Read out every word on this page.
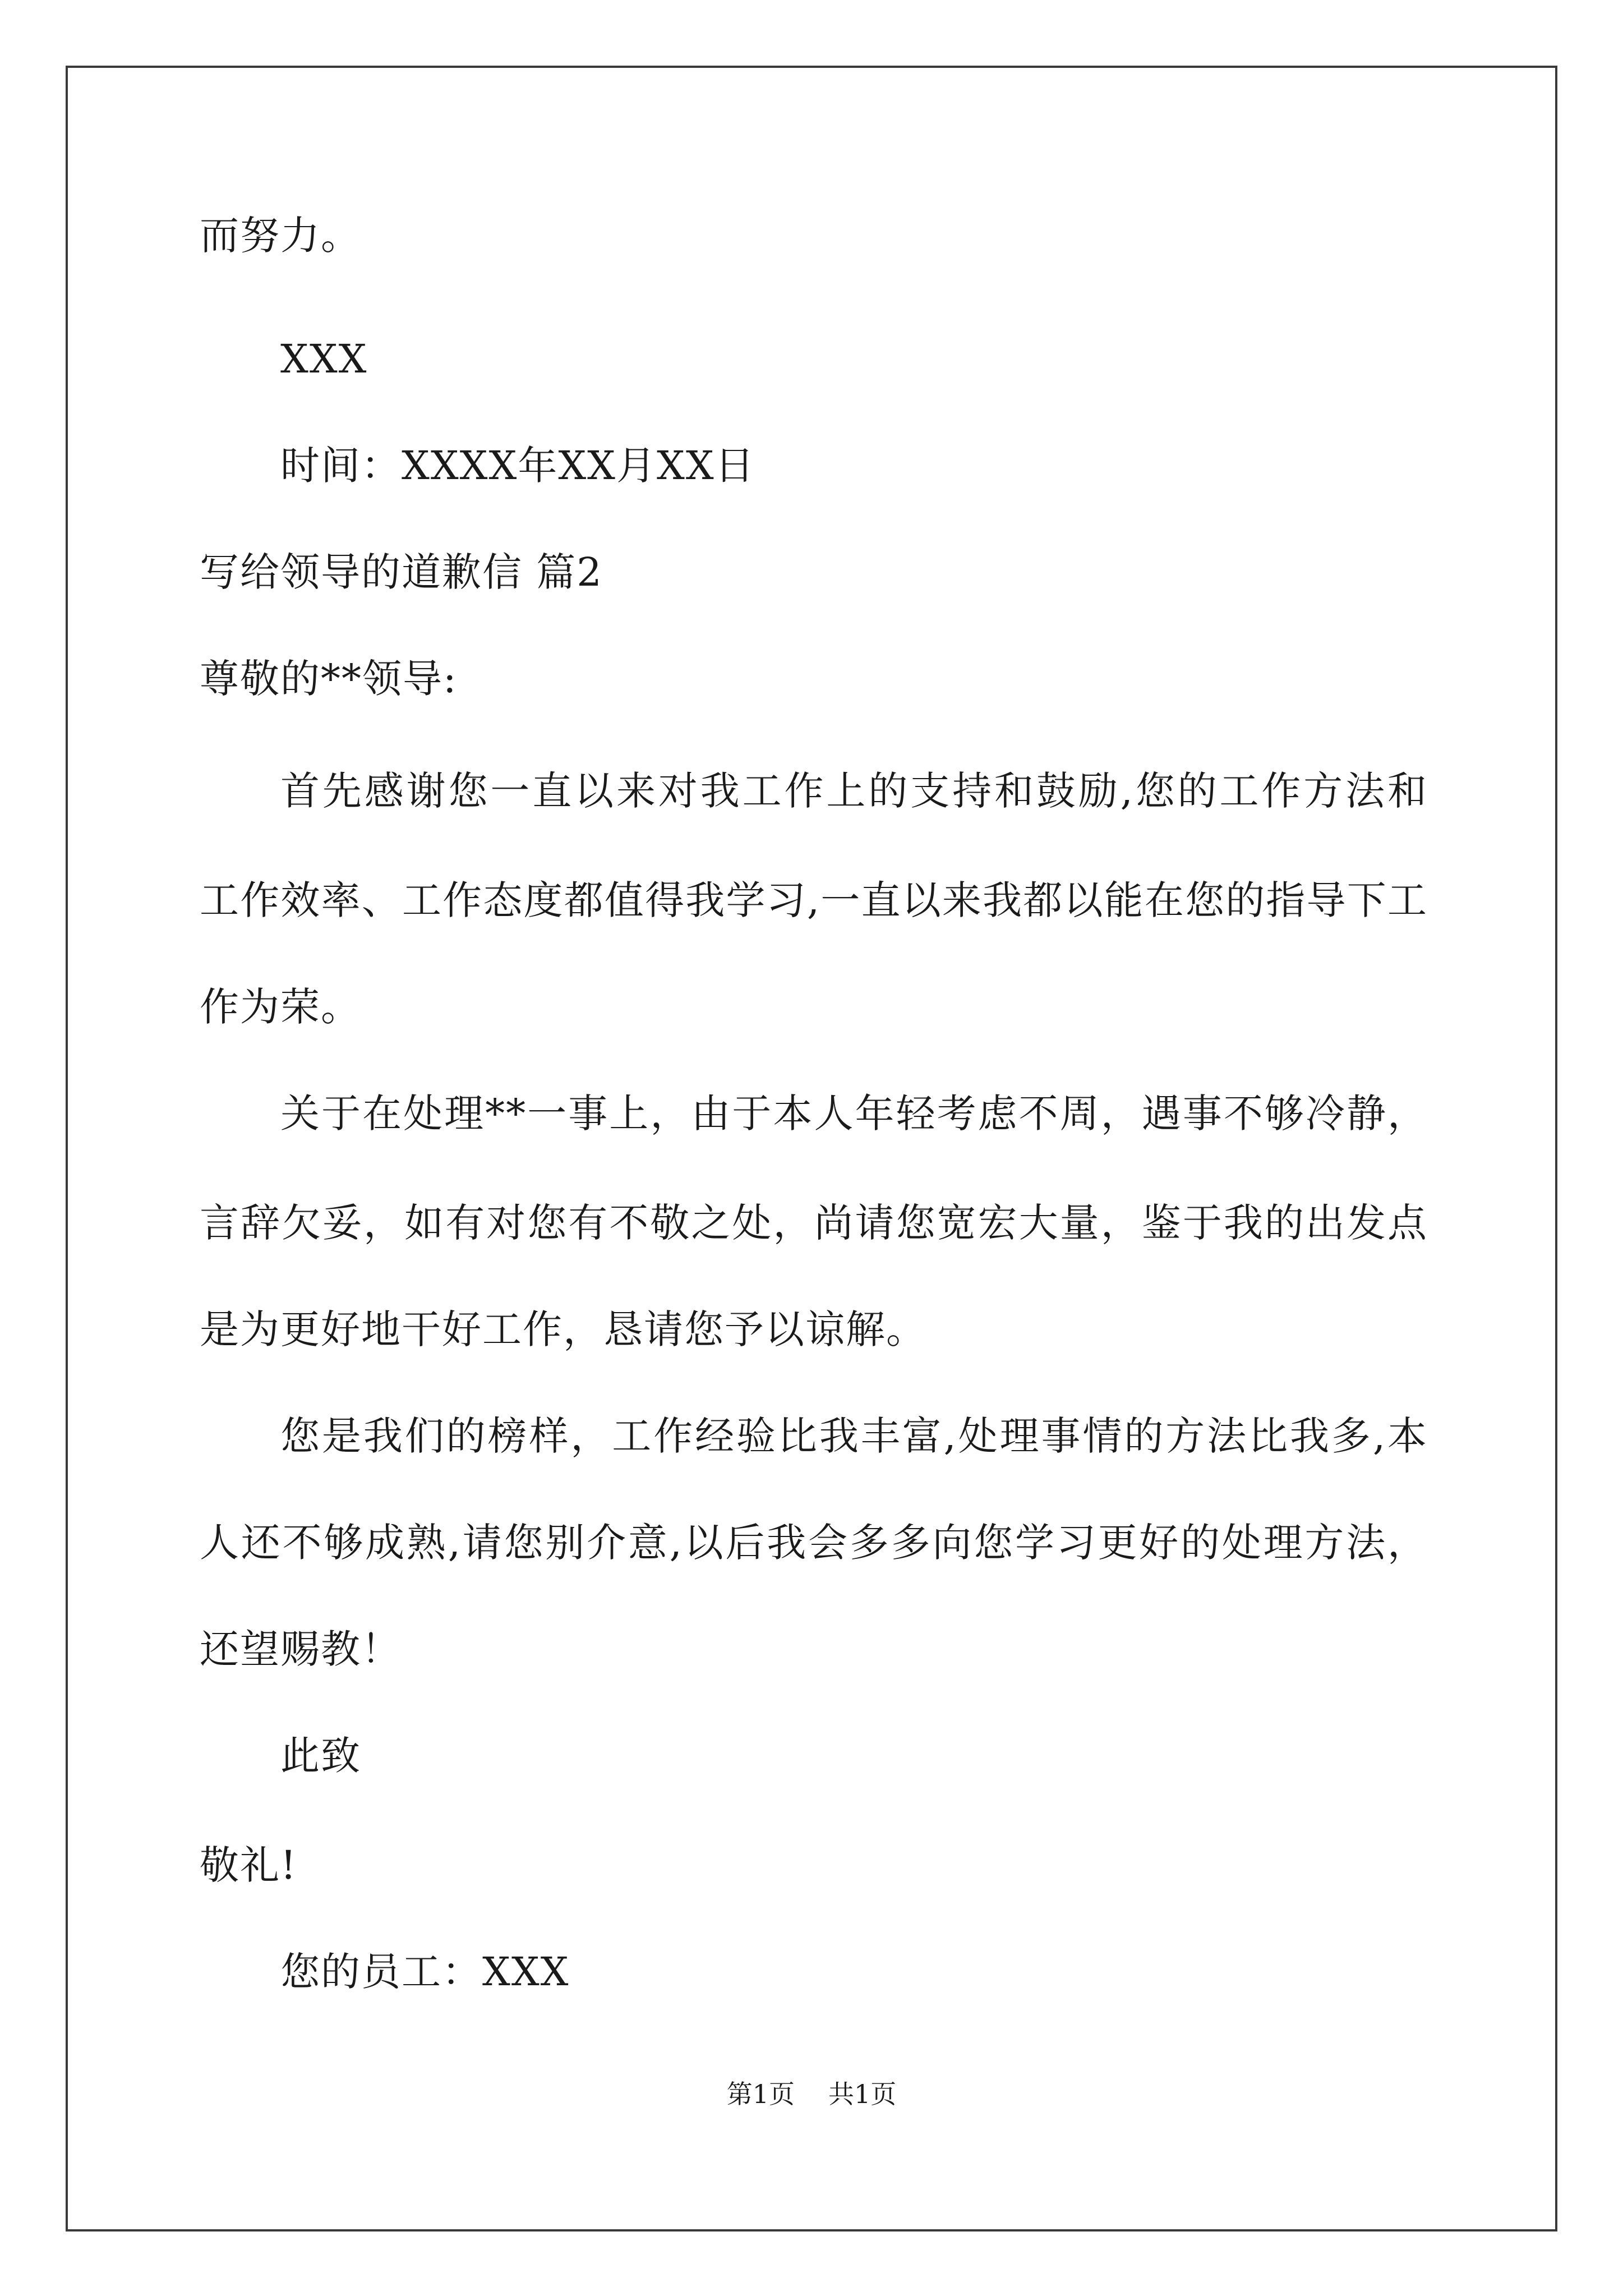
而努力。
XXX
时间：XXXX年XX月XX日
写给领导的道歉信 篇2
尊敬的**领导:
首先感谢您一直以来对我工作上的支持和鼓励,您的工作方法和
工作效率、工作态度都值得我学习,一直以来我都以能在您的指导下工
作为荣。
关于在处理**一事上，由于本人年轻考虑不周，遇事不够冷静，
言辞欠妥，如有对您有不敬之处，尚请您宽宏大量，鉴于我的出发点
是为更好地干好工作，恳请您予以谅解。
您是我们的榜样，工作经验比我丰富,处理事情的方法比我多,本
人还不够成熟,请您别介意,以后我会多多向您学习更好的处理方法，
还望赐教！
此致
敬礼!
您的员工：XXX
第1页 共1页
